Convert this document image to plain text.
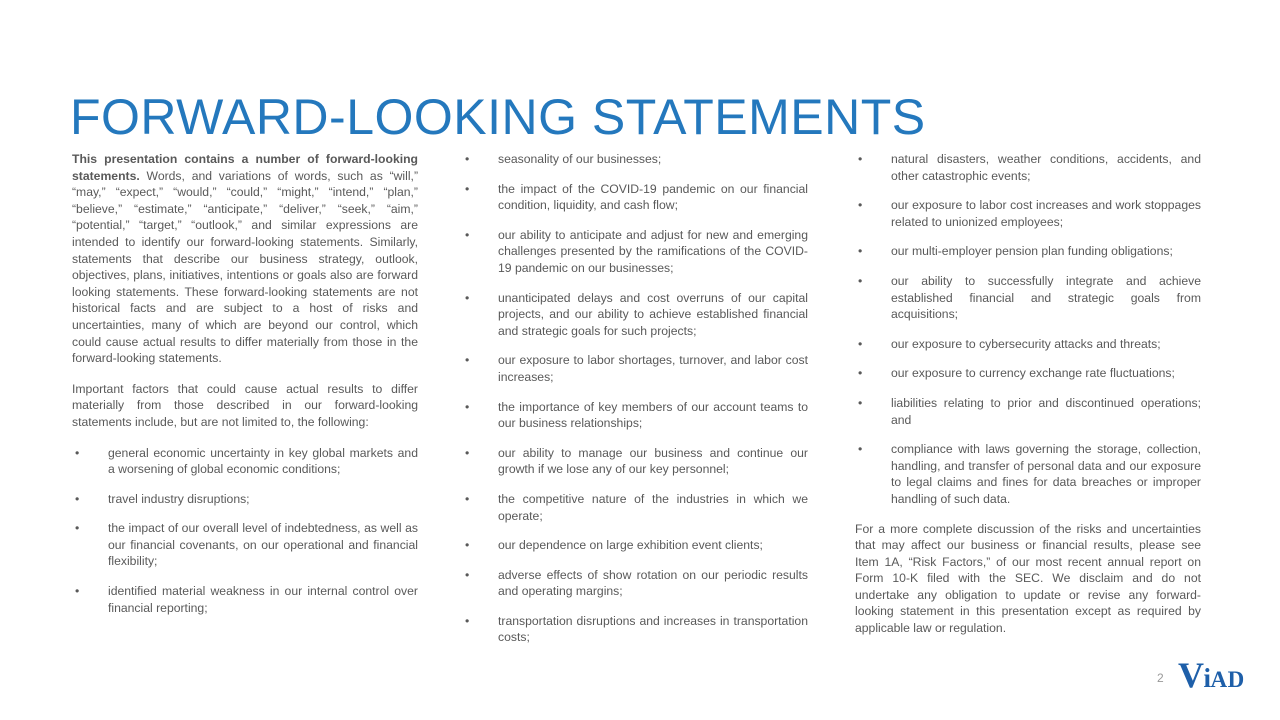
FORWARD-LOOKING STATEMENTS

This presentation contains a number of forward-looking statements. Words, and variations of words, such as “will,” “may,” “expect,” “would,” “could,” “might,” “intend,” “plan,” “believe,” “estimate,” “anticipate,” “deliver,” “seek,” “aim,” “potential,” “target,” “outlook,” and similar expressions are intended to identify our forward-looking statements. Similarly, statements that describe our business strategy, outlook, objectives, plans, initiatives, intentions or goals also are forward looking statements. These forward-looking statements are not historical facts and are subject to a host of risks and uncertainties, many of which are beyond our control, which could cause actual results to differ materially from those in the forward-looking statements.

Important factors that could cause actual results to differ materially from those described in our forward-looking statements include, but are not limited to, the following:

• general economic uncertainty in key global markets and a worsening of global economic conditions;
• travel industry disruptions;
• the impact of our overall level of indebtedness, as well as our financial covenants, on our operational and financial flexibility;
• identified material weakness in our internal control over financial reporting;
• seasonality of our businesses;
• the impact of the COVID-19 pandemic on our financial condition, liquidity, and cash flow;
• our ability to anticipate and adjust for new and emerging challenges presented by the ramifications of the COVID-19 pandemic on our businesses;
• unanticipated delays and cost overruns of our capital projects, and our ability to achieve established financial and strategic goals for such projects;
• our exposure to labor shortages, turnover, and labor cost increases;
• the importance of key members of our account teams to our business relationships;
• our ability to manage our business and continue our growth if we lose any of our key personnel;
• the competitive nature of the industries in which we operate;
• our dependence on large exhibition event clients;
• adverse effects of show rotation on our periodic results and operating margins;
• transportation disruptions and increases in transportation costs;
• natural disasters, weather conditions, accidents, and other catastrophic events;
• our exposure to labor cost increases and work stoppages related to unionized employees;
• our multi-employer pension plan funding obligations;
• our ability to successfully integrate and achieve established financial and strategic goals from acquisitions;
• our exposure to cybersecurity attacks and threats;
• our exposure to currency exchange rate fluctuations;
• liabilities relating to prior and discontinued operations; and
• compliance with laws governing the storage, collection, handling, and transfer of personal data and our exposure to legal claims and fines for data breaches or improper handling of such data.

For a more complete discussion of the risks and uncertainties that may affect our business or financial results, please see Item 1A, “Risk Factors,” of our most recent annual report on Form 10-K filed with the SEC. We disclaim and do not undertake any obligation to update or revise any forward-looking statement in this presentation except as required by applicable law or regulation.

2 ViAD
